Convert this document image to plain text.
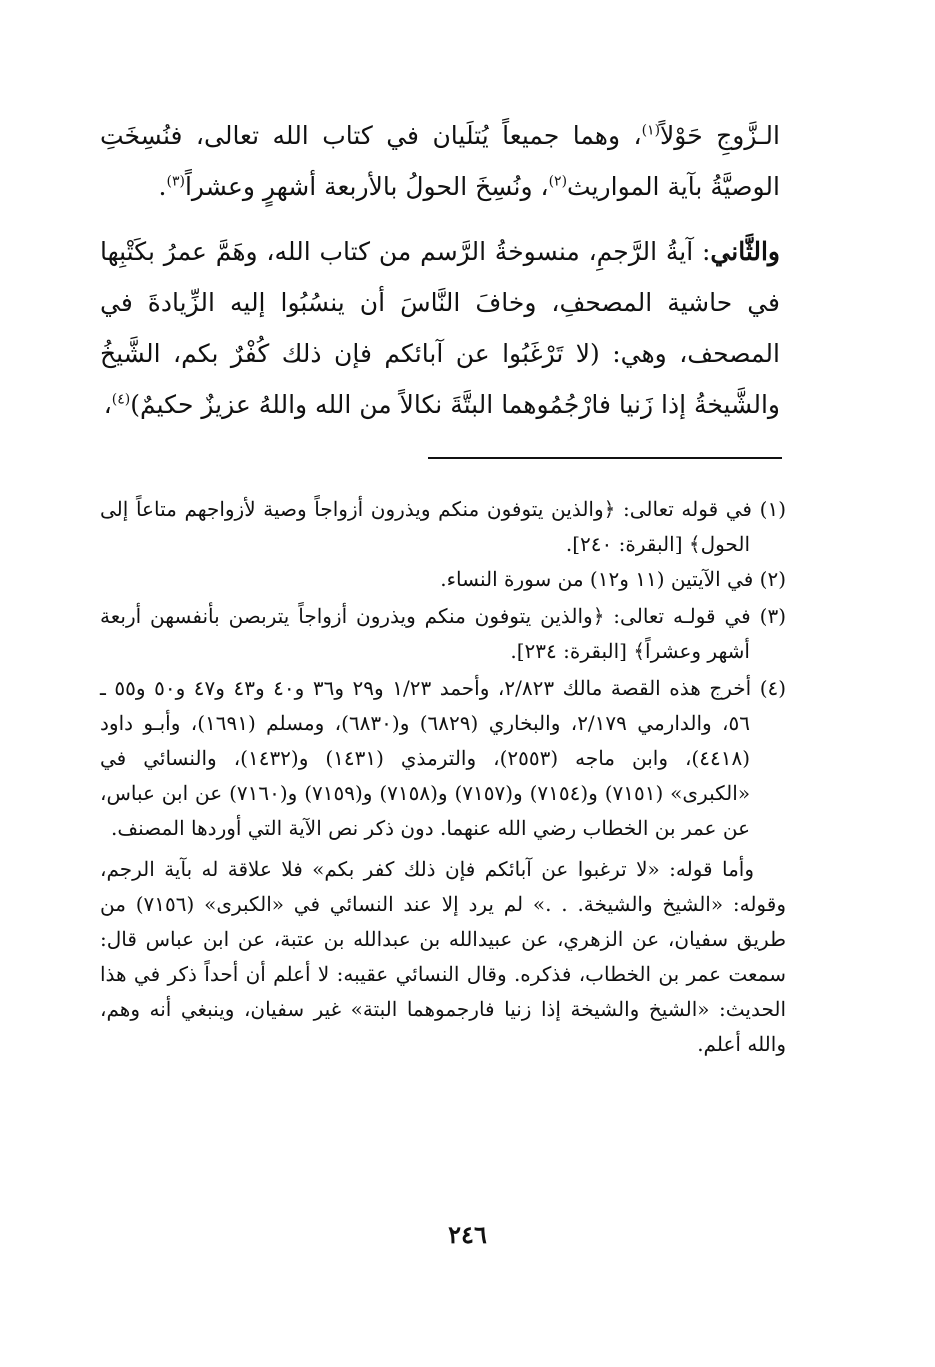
الـزَّوجِ حَوْلاً$^{(١)}$، وهما جميعاً يُتلَيان في كتاب الله تعالى، فنُسِخَتِ الوصيَّةُ بآية المواريث$^{(٢)}$، ونُسِخَ الحولُ بالأربعة أشهرٍ وعشراً$^{(٣)}$.

والثَّاني: آيةُ الرَّجمِ، منسوخةُ الرَّسم من كتاب الله، وهَمَّ عمرُ بكَتْبِها في حاشية المصحفِ، وخافَ النَّاسَ أن ينسُبُوا إليه الزِّيادةَ في المصحف، وهي: (لا تَرْغَبُوا عن آبائكم فإن ذلك كُفْرٌ بكم، الشَّيخُ والشَّيخةُ إذا زَنيا فارْجُمُوهما البتَّةَ نكالاً من الله واللهُ عزيزٌ حكيمٌ)$^{(٤)}$،

(١) في قوله تعالى: ﴿والذين يتوفون منكم ويذرون أزواجاً وصية لأزواجهم متاعاً إلى الحول﴾ [البقرة: ٢٤٠].

(٢) في الآيتين (١١ و١٢) من سورة النساء.

(٣) في قولـه تعالى: ﴿والذين يتوفون منكم ويذرون أزواجاً يتربصن بأنفسهن أربعة أشهر وعشراً﴾ [البقرة: ٢٣٤].

(٤) أخرج هذه القصة مالك ٢/٨٢٣، وأحمد ١/٢٣ و٢٩ و٣٦ و٤٠ و٤٣ و٤٧ و٥٠ و٥٥ ـ ٥٦، والدارمي ٢/١٧٩، والبخاري (٦٨٢٩) و(٦٨٣٠)، ومسلم (١٦٩١)، وأبـو داود (٤٤١٨)، وابن ماجه (٢٥٥٣)، والترمذي (١٤٣١) و(١٤٣٢)، والنسائي في «الكبرى» (٧١٥١) و(٧١٥٤) و(٧١٥٧) و(٧١٥٨) و(٧١٥٩) و(٧١٦٠) عن ابن عباس، عن عمر بن الخطاب رضي الله عنهما. دون ذكر نص الآية التي أوردها المصنف.

وأما قوله: «لا ترغبوا عن آبائكم فإن ذلك كفر بكم» فلا علاقة له بآية الرجم، وقوله: «الشيخ والشيخة. . .» لم يرد إلا عند النسائي في «الكبرى» (٧١٥٦) من طريق سفيان، عن الزهري، عن عبيدالله بن عبدالله بن عتبة، عن ابن عباس قال: سمعت عمر بن الخطاب، فذكره. وقال النسائي عقيبه: لا أعلم أن أحداً ذكر في هذا الحديث: «الشيخ والشيخة إذا زنيا فارجموهما البتة» غير سفيان، وينبغي أنه وهم، والله أعلم.

٢٤٦
